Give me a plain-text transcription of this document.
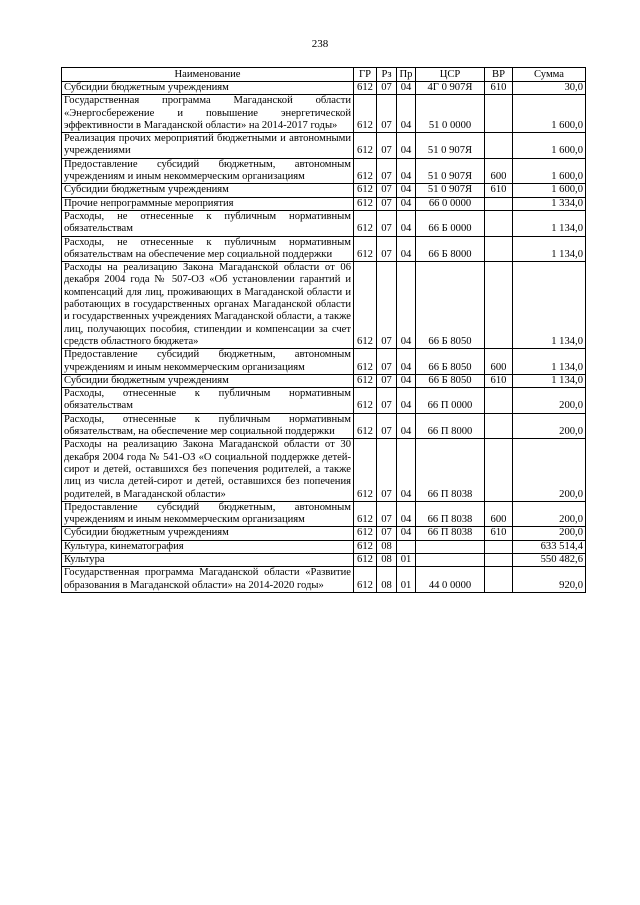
238
Наименование	ГР	Рз	Пр	ЦСР	ВР	Сумма
Субсидии бюджетным учреждениям	612	07	04	4Г 0 907Я	610	30,0
Государственная программа Магаданской области «Энергосбережение и повышение энергетической эффективности в Магаданской области» на 2014-2017 годы»	612	07	04	51 0 0000		1 600,0
Реализация прочих мероприятий бюджетными и автономными учреждениями	612	07	04	51 0 907Я		1 600,0
Предоставление субсидий бюджетным, автономным учреждениям и иным некоммерческим организациям	612	07	04	51 0 907Я	600	1 600,0
Субсидии бюджетным учреждениям	612	07	04	51 0 907Я	610	1 600,0
Прочие непрограммные мероприятия	612	07	04	66 0 0000		1 334,0
Расходы, не отнесенные к публичным нормативным обязательствам	612	07	04	66 Б 0000		1 134,0
Расходы, не отнесенные к публичным нормативным обязательствам на обеспечение мер социальной поддержки	612	07	04	66 Б 8000		1 134,0
Расходы на реализацию Закона Магаданской области от 06 декабря 2004 года № 507-ОЗ «Об установлении гарантий и компенсаций для лиц, проживающих в Магаданской области и работающих в государственных органах Магаданской области и государственных учреждениях Магаданской области, а также лиц, получающих пособия, стипендии и компенсации за счет средств областного бюджета»	612	07	04	66 Б 8050		1 134,0
Предоставление субсидий бюджетным, автономным учреждениям и иным некоммерческим организациям	612	07	04	66 Б 8050	600	1 134,0
Субсидии бюджетным учреждениям	612	07	04	66 Б 8050	610	1 134,0
Расходы, отнесенные к публичным нормативным обязательствам	612	07	04	66 П 0000		200,0
Расходы, отнесенные к публичным нормативным обязательствам, на обеспечение мер социальной поддержки	612	07	04	66 П 8000		200,0
Расходы на реализацию Закона Магаданской области от 30 декабря 2004 года № 541-ОЗ «О социальной поддержке детей-сирот и детей, оставшихся без попечения родителей, а также лиц из числа детей-сирот и детей, оставшихся без попечения родителей, в Магаданской области»	612	07	04	66 П 8038		200,0
Предоставление субсидий бюджетным, автономным учреждениям и иным некоммерческим организациям	612	07	04	66 П 8038	600	200,0
Субсидии бюджетным учреждениям	612	07	04	66 П 8038	610	200,0
Культура, кинематография	612	08				633 514,4
Культура	612	08	01			550 482,6
Государственная программа Магаданской области «Развитие образования в Магаданской области» на 2014-2020 годы»	612	08	01	44 0 0000		920,0
